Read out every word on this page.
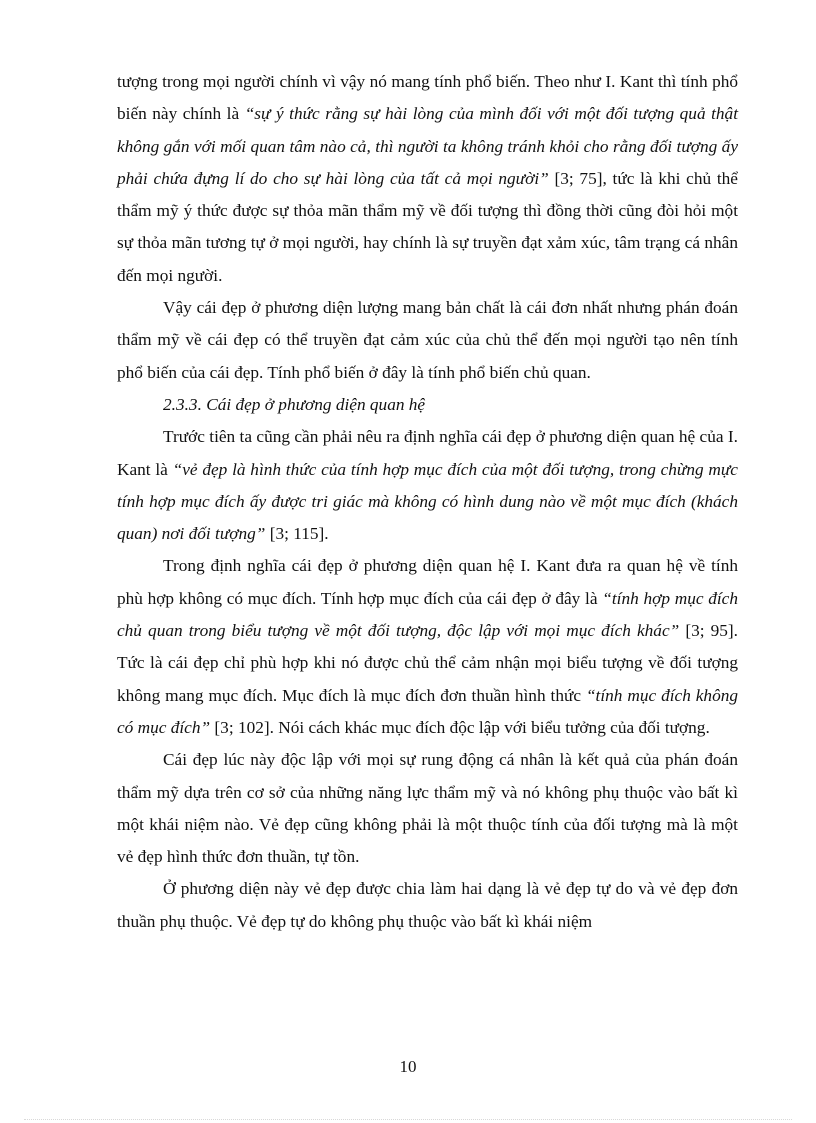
tượng trong mọi người chính vì vậy nó mang tính phổ biến. Theo như I. Kant thì tính phổ biến này chính là “sự ý thức rằng sự hài lòng của mình đối với một đối tượng quả thật không gắn với mối quan tâm nào cả, thì người ta không tránh khỏi cho rằng đối tượng ấy phải chứa đựng lí do cho sự hài lòng của tất cả mọi người” [3; 75], tức là khi chủ thể thẩm mỹ ý thức được sự thỏa mãn thẩm mỹ về đối tượng thì đồng thời cũng đòi hỏi một sự thỏa mãn tương tự ở mọi người, hay chính là sự truyền đạt xảm xúc, tâm trạng cá nhân đến mọi người.

Vậy cái đẹp ở phương diện lượng mang bản chất là cái đơn nhất nhưng phán đoán thẩm mỹ về cái đẹp có thể truyền đạt cảm xúc của chủ thể đến mọi người tạo nên tính phổ biến của cái đẹp. Tính phổ biến ở đây là tính phổ biến chủ quan.

2.3.3. Cái đẹp ở phương diện quan hệ

Trước tiên ta cũng cần phải nêu ra định nghĩa cái đẹp ở phương diện quan hệ của I. Kant là “vẻ đẹp là hình thức của tính hợp mục đích của một đối tượng, trong chừng mực tính hợp mục đích ấy được tri giác mà không có hình dung nào về một mục đích (khách quan) nơi đối tượng” [3; 115].

Trong định nghĩa cái đẹp ở phương diện quan hệ I. Kant đưa ra quan hệ về tính phù hợp không có mục đích. Tính hợp mục đích của cái đẹp ở đây là “tính hợp mục đích chủ quan trong biểu tượng về một đối tượng, độc lập với mọi mục đích khác” [3; 95]. Tức là cái đẹp chỉ phù hợp khi nó được chủ thể cảm nhận mọi biểu tượng về đối tượng không mang mục đích. Mục đích là mục đích đơn thuần hình thức “tính mục đích không có mục đích” [3; 102]. Nói cách khác mục đích độc lập với biểu tưởng của đối tượng.

Cái đẹp lúc này độc lập với mọi sự rung động cá nhân là kết quả của phán đoán thẩm mỹ dựa trên cơ sở của những năng lực thẩm mỹ và nó không phụ thuộc vào bất kì một khái niệm nào. Vẻ đẹp cũng không phải là một thuộc tính của đối tượng mà là một vẻ đẹp hình thức đơn thuần, tự tồn.

Ở phương diện này vẻ đẹp được chia làm hai dạng là vẻ đẹp tự do và vẻ đẹp đơn thuần phụ thuộc. Vẻ đẹp tự do không phụ thuộc vào bất kì khái niệm

10
